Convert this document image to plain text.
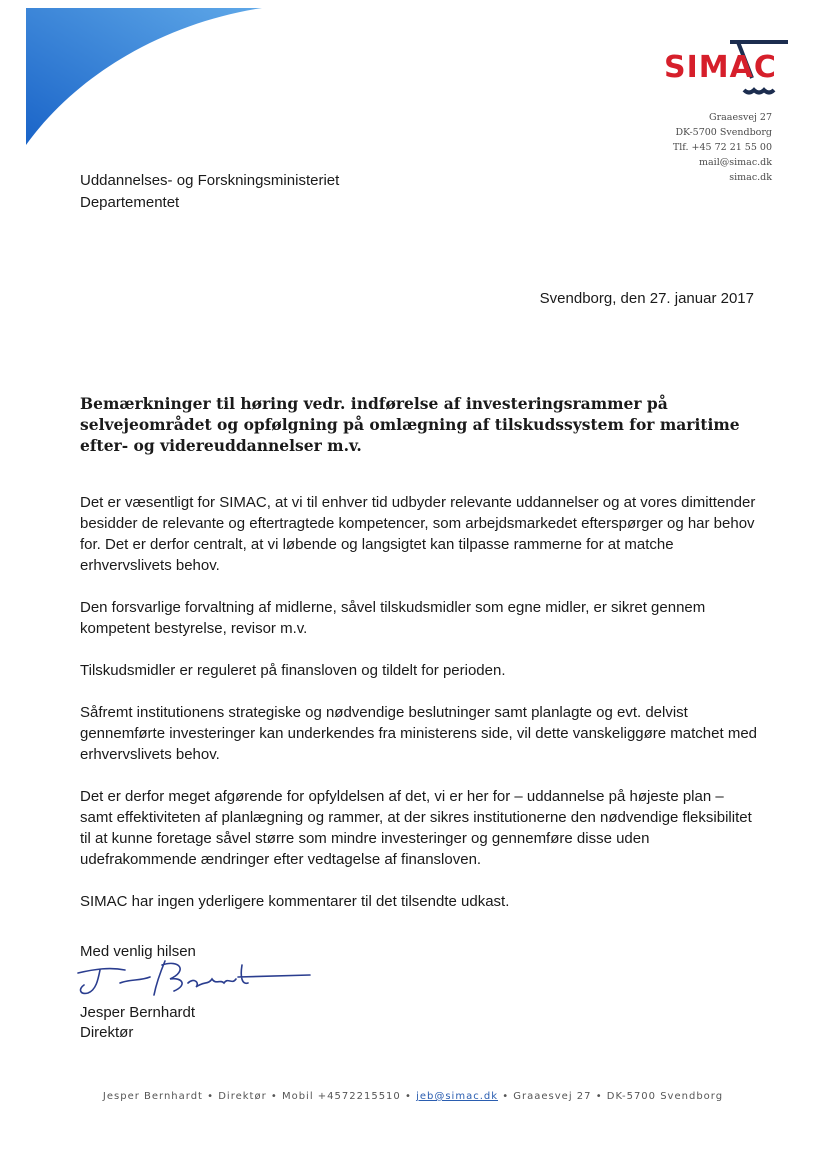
SIMAC
Graaesvej 27
DK-5700 Svendborg
Tlf. +45 72 21 55 00
mail@simac.dk
simac.dk
Uddannelses- og Forskningsministeriet
Departementet
Svendborg, den 27. januar 2017
Bemærkninger til høring vedr. indførelse af investeringsrammer på selvejeområdet og opfølgning på omlægning af tilskudssystem for maritime efter- og videreuddannelser m.v.

Det er væsentligt for SIMAC, at vi til enhver tid udbyder relevante uddannelser og at vores dimittender besidder de relevante og eftertragtede kompetencer, som arbejdsmarkedet efterspørger og har behov for. Det er derfor centralt, at vi løbende og langsigtet kan tilpasse rammerne for at matche erhvervslivets behov.

Den forsvarlige forvaltning af midlerne, såvel tilskudsmidler som egne midler, er sikret gennem kompetent bestyrelse, revisor m.v.

Tilskudsmidler er reguleret på finansloven og tildelt for perioden.

Såfremt institutionens strategiske og nødvendige beslutninger samt planlagte og evt. delvist gennemførte investeringer kan underkendes fra ministerens side, vil dette vanskeliggøre matchet med erhvervslivets behov.

Det er derfor meget afgørende for opfyldelsen af det, vi er her for – uddannelse på højeste plan – samt effektiviteten af planlægning og rammer, at der sikres institutionerne den nødvendige fleksibilitet til at kunne foretage såvel større som mindre investeringer og gennemføre disse uden udefrakommende ændringer efter vedtagelse af finansloven.

SIMAC har ingen yderligere kommentarer til det tilsendte udkast.

Med venlig hilsen
Jesper Bernhardt
Direktør
Jesper Bernhardt • Direktør • Mobil +4572215510 • jeb@simac.dk • Graaesvej 27 • DK-5700 Svendborg
